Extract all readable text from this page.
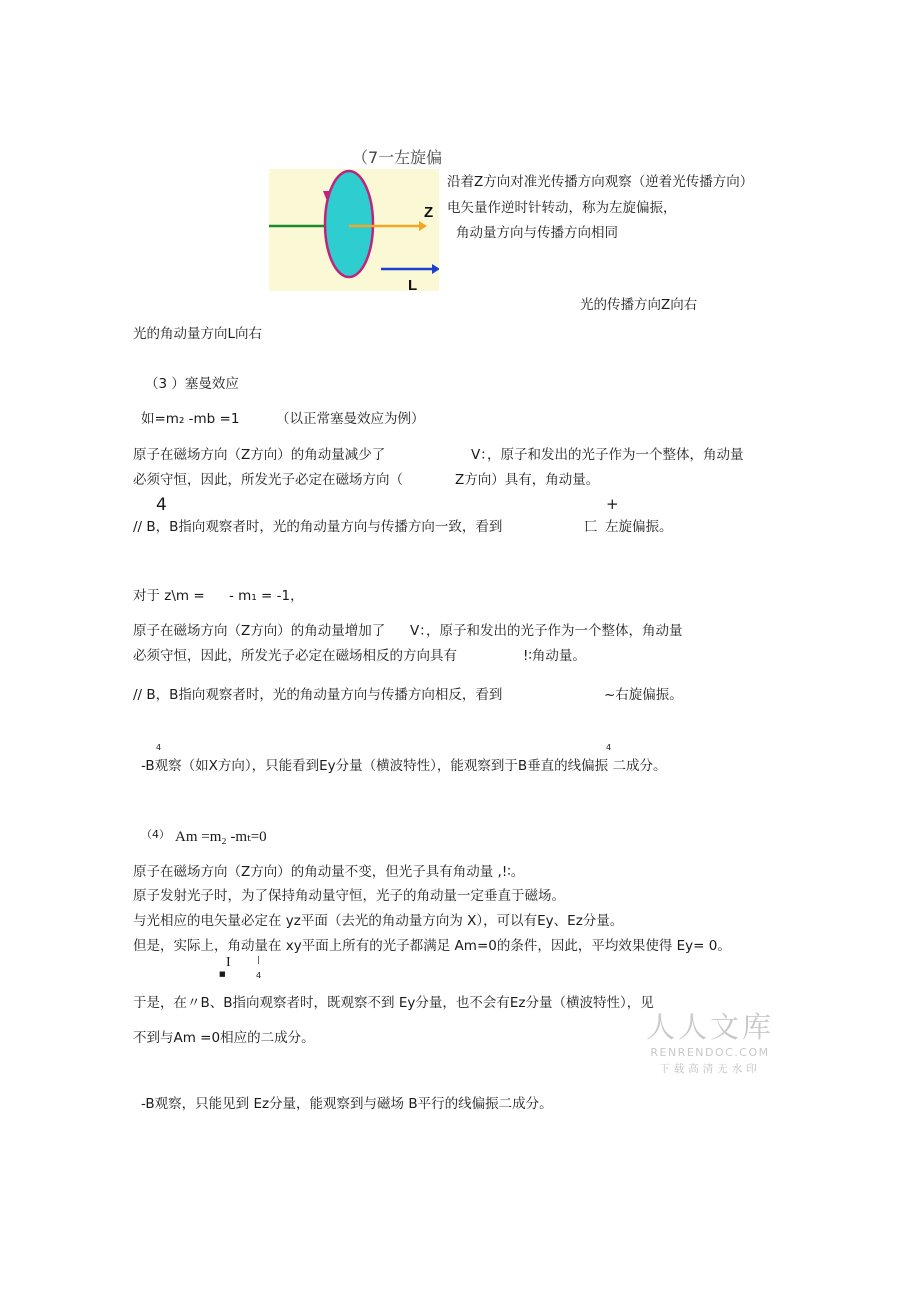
（7一左旋偏
Z
L
沿着Z方向对准光传播方向观察（逆着光传播方向）
电矢量作逆时针转动，称为左旋偏振，
角动量方向与传播方向相同
光的传播方向Z向右
光的角动量方向L向右
（3 ）塞曼效应
如=m₂ -mb =1	（以正常塞曼效应为例）
原子在磁场方向（Z方向）的角动量减少了	V：，原子和发出的光子作为一个整体，角动量
必须守恒，因此，所发光子必定在磁场方向（	Z方向）具有，角动量。
4	+
// B，B指向观察者时，光的角动量方向与传播方向一致，看到	匸 左旋偏振。
对于 z\m = - m₁ = -1，
原子在磁场方向（Z方向）的角动量增加了 V：，原子和发出的光子作为一个整体，角动量
必须守恒，因此，所发光子必定在磁场相反的方向具有	!∶角动量。
// B，B指向观察者时，光的角动量方向与传播方向相反，看到	~右旋偏振。
4	4
-B观察（如X方向），只能看到Ey分量（横波特性），能观察到于B垂直的线偏振 二成分。
（4） Am =m₂ -mₜ=0
原子在磁场方向（Z方向）的角动量不变，但光子具有角动量 ,!∶。
原子发射光子时，为了保持角动量守恒，光子的角动量一定垂直于磁场。
与光相应的电矢量必定在 yz平面（去光的角动量方向为 X），可以有Ey、Ez分量。
但是，实际上，角动量在 xy平面上所有的光子都满足 Am=0的条件，因此，平均效果使得 Ey= 0。
I	|
■	4
于是，在〃B、B指向观察者时，既观察不到 Ey分量，也不会有Ez分量（横波特性），见
不到与Am =0相应的二成分。
-B观察，只能见到 Ez分量，能观察到与磁场 B平行的线偏振二成分。
人人文库
RENRENDOC.COM
下载高清无水印
